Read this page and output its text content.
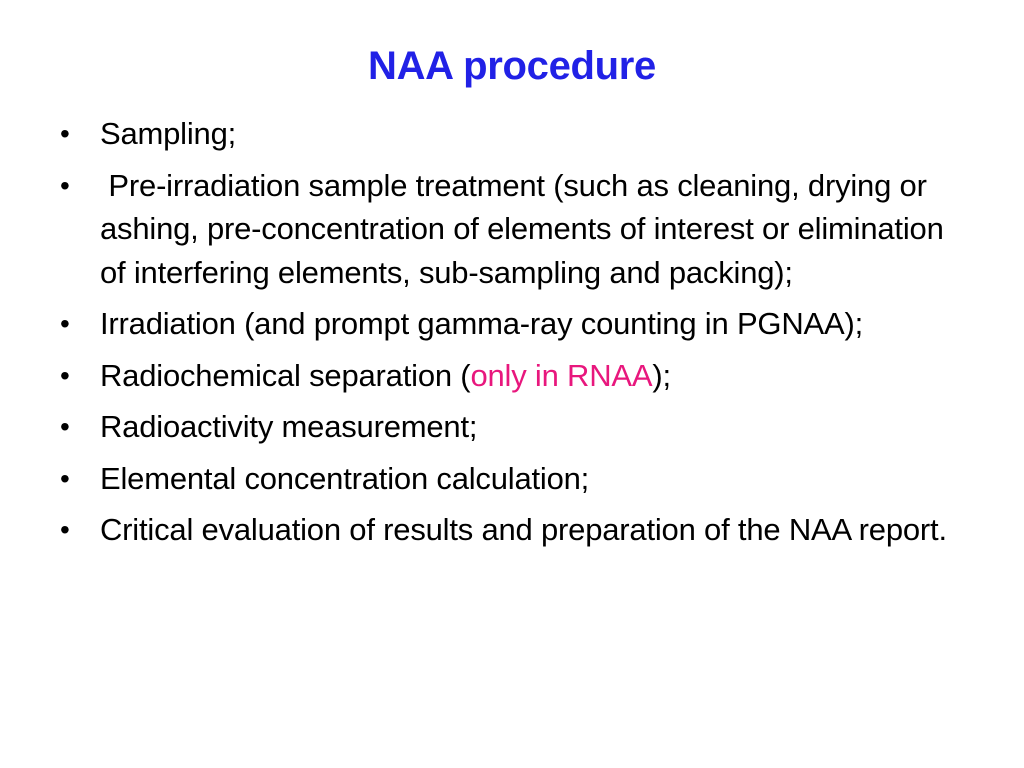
NAA procedure
• Sampling;
• Pre-irradiation sample treatment (such as cleaning, drying or ashing, pre-concentration of elements of interest or elimination of interfering elements, sub-sampling and packing);
• Irradiation (and prompt gamma-ray counting in PGNAA);
• Radiochemical separation (only in RNAA);
• Radioactivity measurement;
• Elemental concentration calculation;
• Critical evaluation of results and preparation of the NAA report.
